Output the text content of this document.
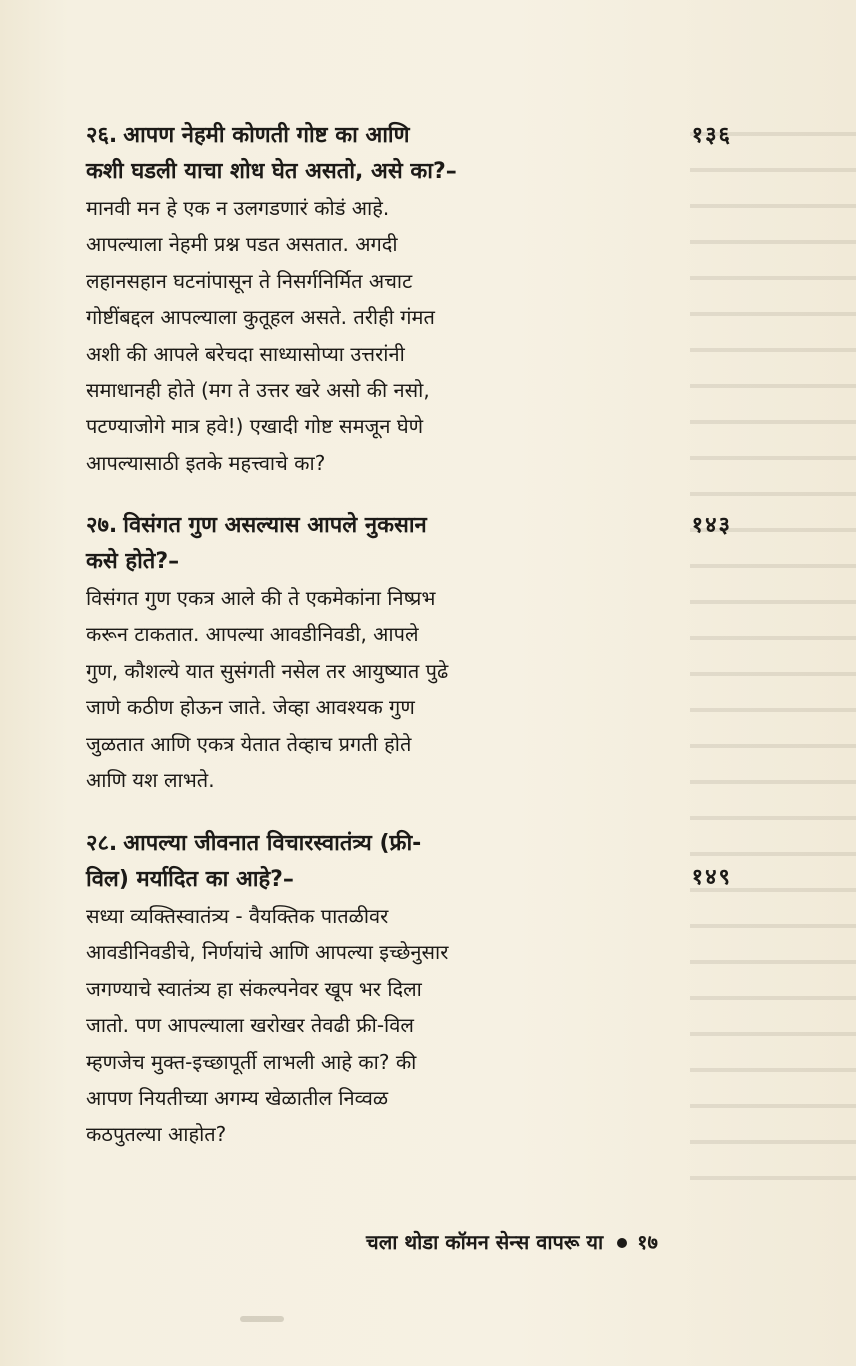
१३६
२६. आपण नेहमी कोणती गोष्ट का आणि
कशी घडली याचा शोध घेत असतो, असे का?–
मानवी मन हे एक न उलगडणारं कोडं आहे.
आपल्याला नेहमी प्रश्न पडत असतात. अगदी
लहानसहान घटनांपासून ते निसर्गनिर्मित अचाट
गोष्टींबद्दल आपल्याला कुतूहल असते. तरीही गंमत
अशी की आपले बरेचदा साध्यासोप्या उत्तरांनी
समाधानही होते (मग ते उत्तर खरे असो की नसो,
पटण्याजोगे मात्र हवे!) एखादी गोष्ट समजून घेणे
आपल्यासाठी इतके महत्त्वाचे का?
१४३
२७. विसंगत गुण असल्यास आपले नुकसान
कसे होते?–
विसंगत गुण एकत्र आले की ते एकमेकांना निष्प्रभ
करून टाकतात. आपल्या आवडीनिवडी, आपले
गुण, कौशल्ये यात सुसंगती नसेल तर आयुष्यात पुढे
जाणे कठीण होऊन जाते. जेव्हा आवश्यक गुण
जुळतात आणि एकत्र येतात तेव्हाच प्रगती होते
आणि यश लाभते.
१४९
२८. आपल्या जीवनात विचारस्वातंत्र्य (फ्री-
विल) मर्यादित का आहे?–
सध्या व्यक्तिस्वातंत्र्य - वैयक्तिक पातळीवर
आवडीनिवडीचे, निर्णयांचे आणि आपल्या इच्छेनुसार
जगण्याचे स्वातंत्र्य हा संकल्पनेवर खूप भर दिला
जातो. पण आपल्याला खरोखर तेवढी फ्री-विल
म्हणजेच मुक्त-इच्छापूर्ती लाभली आहे का? की
आपण नियतीच्या अगम्य खेळातील निव्वळ
कठपुतल्या आहोत?
चला थोडा कॉमन सेन्स वापरू या १७
